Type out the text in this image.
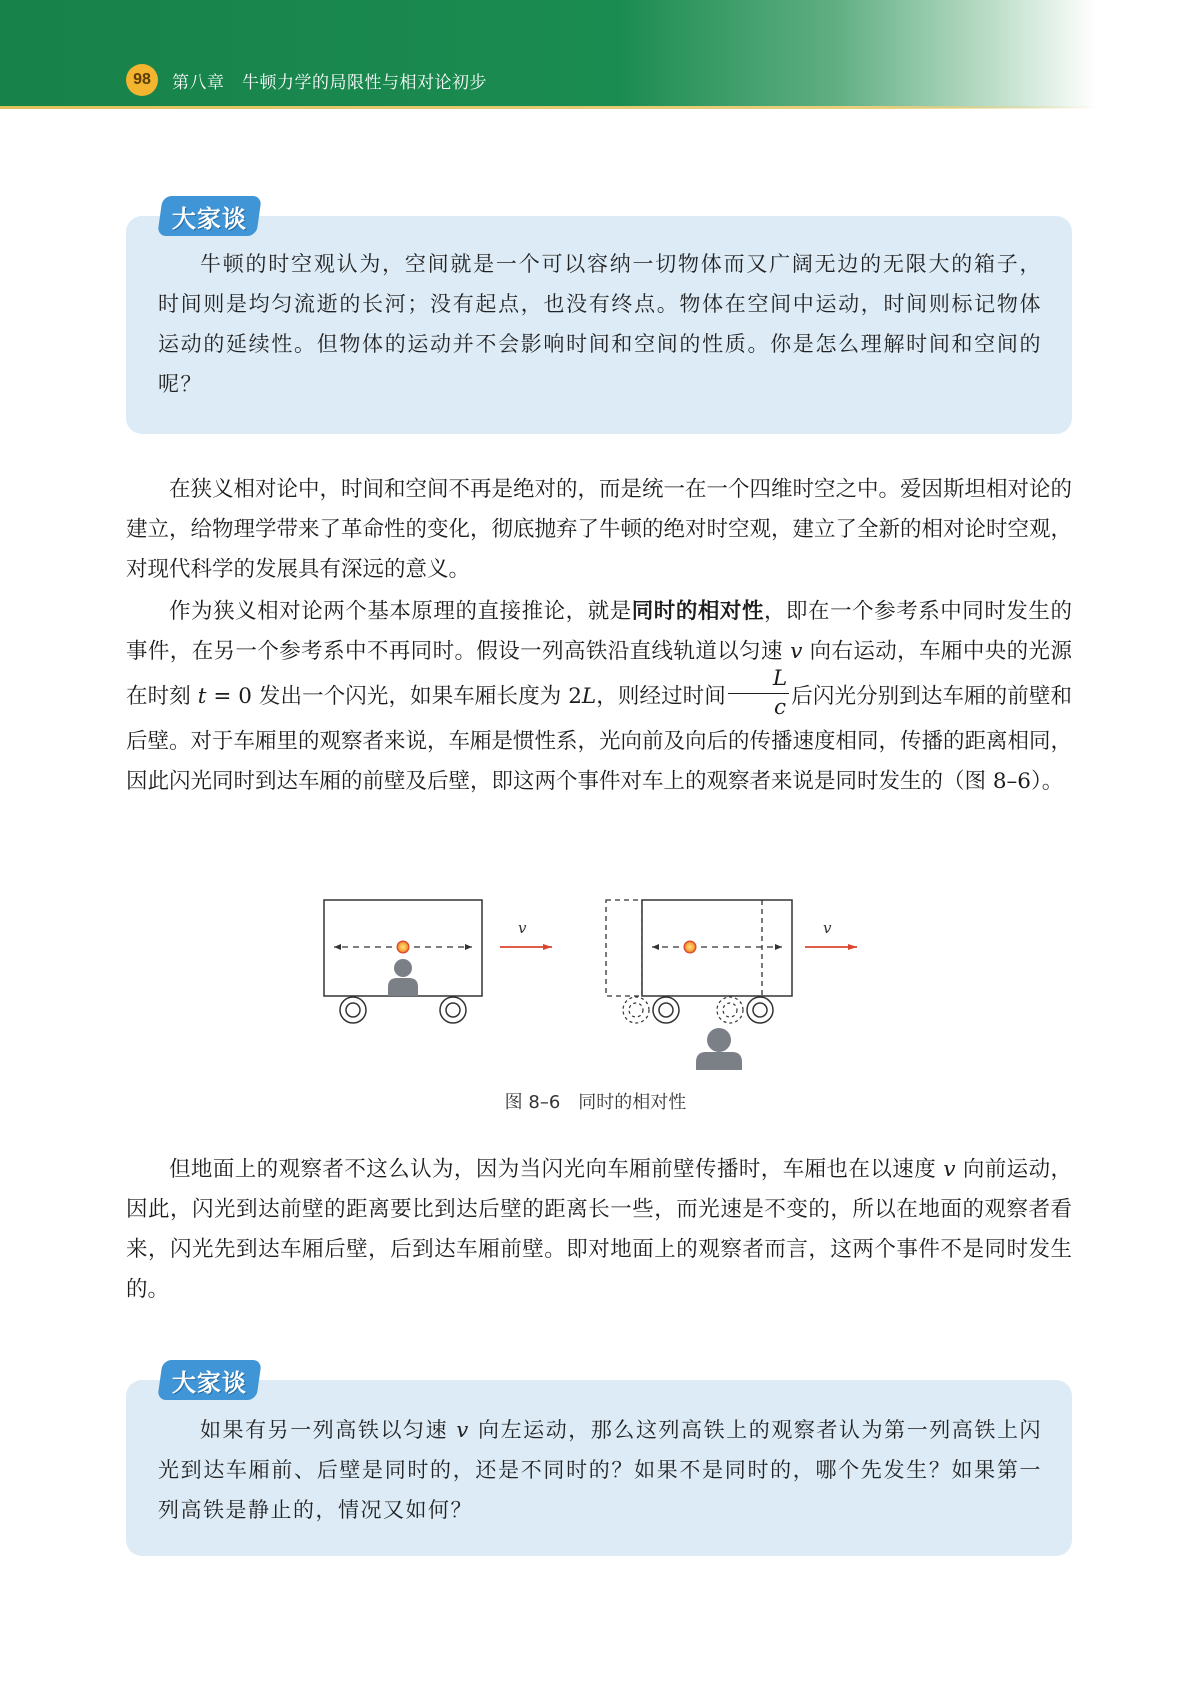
98	第八章　牛顿力学的局限性与相对论初步

牛顿的时空观认为，空间就是一个可以容纳一切物体而又广阔无边的无限大的箱子，时间则是均匀流逝的长河；没有起点，也没有终点。物体在空间中运动，时间则标记物体运动的延续性。但物体的运动并不会影响时间和空间的性质。你是怎么理解时间和空间的呢？

大家谈

在狭义相对论中，时间和空间不再是绝对的，而是统一在一个四维时空之中。爱因斯坦相对论的建立，给物理学带来了革命性的变化，彻底抛弃了牛顿的绝对时空观，建立了全新的相对论时空观，对现代科学的发展具有深远的意义。

作为狭义相对论两个基本原理的直接推论，就是同时的相对性，即在一个参考系中同时发生的事件，在另一个参考系中不再同时。假设一列高铁沿直线轨道以匀速 v 向右运动，车厢中央的光源在时刻 t = 0 发出一个闪光，如果车厢长度为 2L，则经过时间 $\frac{L}{c}$ 后闪光分别到达车厢的前壁和后壁。对于车厢里的观察者来说，车厢是惯性系，光向前及向后的传播速度相同，传播的距离相同，因此闪光同时到达车厢的前壁及后壁，即这两个事件对车上的观察者来说是同时发生的（图 8–6）。

v	v
图 8–6　同时的相对性

但地面上的观察者不这么认为，因为当闪光向车厢前壁传播时，车厢也在以速度 v 向前运动，因此，闪光到达前壁的距离要比到达后壁的距离长一些，而光速是不变的，所以在地面的观察者看来，闪光先到达车厢后壁，后到达车厢前壁。即对地面上的观察者而言，这两个事件不是同时发生的。

如果有另一列高铁以匀速 v 向左运动，那么这列高铁上的观察者认为第一列高铁上闪光到达车厢前、后壁是同时的，还是不同时的？如果不是同时的，哪个先发生？如果第一列高铁是静止的，情况又如何？

大家谈
